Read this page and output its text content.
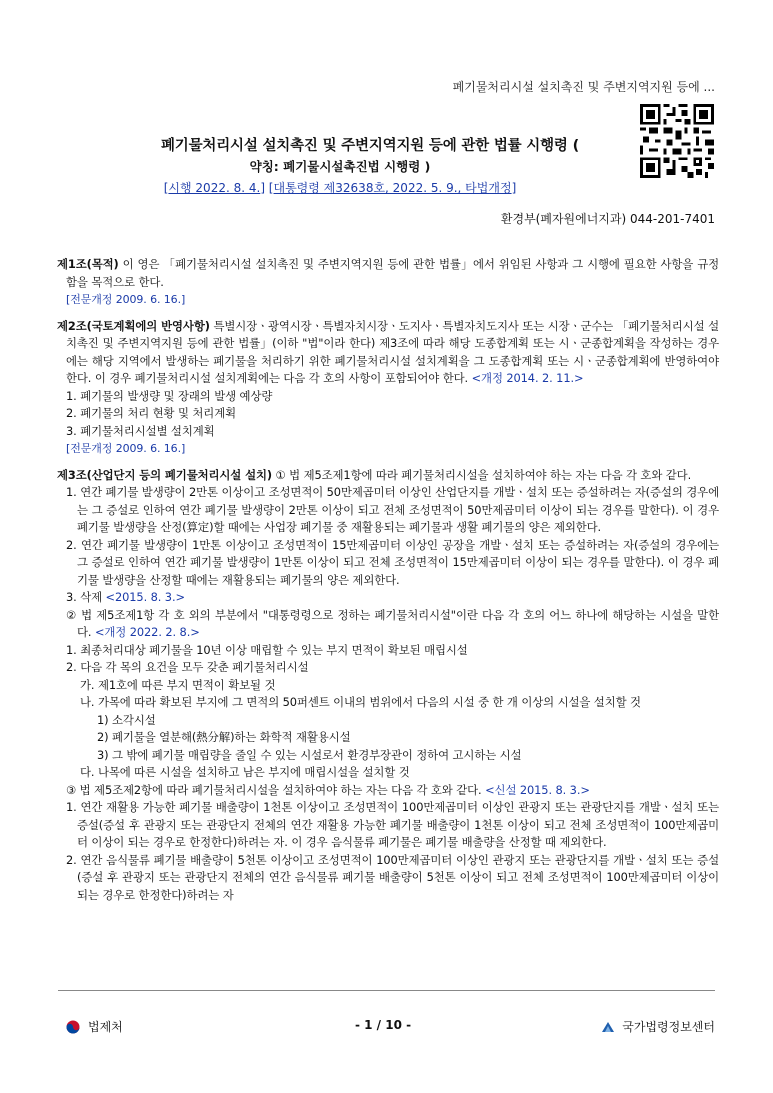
폐기물처리시설 설치촉진 및 주변지역지원 등에 ...
폐기물처리시설 설치촉진 및 주변지역지원 등에 관한 법률 시행령 (
약칭: 폐기물시설촉진법 시행령 )
[시행 2022. 8. 4.] [대통령령 제32638호, 2022. 5. 9., 타법개정]
환경부(폐자원에너지과) 044-201-7401

제1조(목적) 이 영은 「폐기물처리시설 설치촉진 및 주변지역지원 등에 관한 법률」에서 위임된 사항과 그 시행에 필요한 사항을 규정함을 목적으로 한다.

[전문개정 2009. 6. 16.]

제2조(국토계획에의 반영사항) 특별시장ㆍ광역시장ㆍ특별자치시장ㆍ도지사ㆍ특별자치도지사 또는 시장ㆍ군수는 「폐기물처리시설 설치촉진 및 주변지역지원 등에 관한 법률」(이하 "법"이라 한다) 제3조에 따라 해당 도종합계획 또는 시ㆍ군종합계획을 작성하는 경우에는 해당 지역에서 발생하는 폐기물을 처리하기 위한 폐기물처리시설 설치계획을 그 도종합계획 또는 시ㆍ군종합계획에 반영하여야 한다. 이 경우 폐기물처리시설 설치계획에는 다음 각 호의 사항이 포함되어야 한다. <개정 2014. 2. 11.>

1. 폐기물의 발생량 및 장래의 발생 예상량

2. 폐기물의 처리 현황 및 처리계획

3. 폐기물처리시설별 설치계획

[전문개정 2009. 6. 16.]

제3조(산업단지 등의 폐기물처리시설 설치) ① 법 제5조제1항에 따라 폐기물처리시설을 설치하여야 하는 자는 다음 각 호와 같다.

1. 연간 폐기물 발생량이 2만톤 이상이고 조성면적이 50만제곱미터 이상인 산업단지를 개발ㆍ설치 또는 증설하려는 자(증설의 경우에는 그 증설로 인하여 연간 폐기물 발생량이 2만톤 이상이 되고 전체 조성면적이 50만제곱미터 이상이 되는 경우를 말한다). 이 경우 폐기물 발생량을 산정(算定)할 때에는 사업장 폐기물 중 재활용되는 폐기물과 생활 폐기물의 양은 제외한다.

2. 연간 폐기물 발생량이 1만톤 이상이고 조성면적이 15만제곱미터 이상인 공장을 개발ㆍ설치 또는 증설하려는 자(증설의 경우에는 그 증설로 인하여 연간 폐기물 발생량이 1만톤 이상이 되고 전체 조성면적이 15만제곱미터 이상이 되는 경우를 말한다). 이 경우 폐기물 발생량을 산정할 때에는 재활용되는 폐기물의 양은 제외한다.

3. 삭제 <2015. 8. 3.>

② 법 제5조제1항 각 호 외의 부분에서 "대통령령으로 정하는 폐기물처리시설"이란 다음 각 호의 어느 하나에 해당하는 시설을 말한다. <개정 2022. 2. 8.>

1. 최종처리대상 폐기물을 10년 이상 매립할 수 있는 부지 면적이 확보된 매립시설

2. 다음 각 목의 요건을 모두 갖춘 폐기물처리시설

가. 제1호에 따른 부지 면적이 확보될 것

나. 가목에 따라 확보된 부지에 그 면적의 50퍼센트 이내의 범위에서 다음의 시설 중 한 개 이상의 시설을 설치할 것

1) 소각시설

2) 폐기물을 열분해(熱分解)하는 화학적 재활용시설

3) 그 밖에 폐기물 매립량을 줄일 수 있는 시설로서 환경부장관이 정하여 고시하는 시설

다. 나목에 따른 시설을 설치하고 남은 부지에 매립시설을 설치할 것

③ 법 제5조제2항에 따라 폐기물처리시설을 설치하여야 하는 자는 다음 각 호와 같다. <신설 2015. 8. 3.>

1. 연간 재활용 가능한 폐기물 배출량이 1천톤 이상이고 조성면적이 100만제곱미터 이상인 관광지 또는 관광단지를 개발ㆍ설치 또는 증설(증설 후 관광지 또는 관광단지 전체의 연간 재활용 가능한 폐기물 배출량이 1천톤 이상이 되고 전체 조성면적이 100만제곱미터 이상이 되는 경우로 한정한다)하려는 자. 이 경우 음식물류 폐기물은 폐기물 배출량을 산정할 때 제외한다.

2. 연간 음식물류 폐기물 배출량이 5천톤 이상이고 조성면적이 100만제곱미터 이상인 관광지 또는 관광단지를 개발ㆍ설치 또는 증설(증설 후 관광지 또는 관광단지 전체의 연간 음식물류 폐기물 배출량이 5천톤 이상이 되고 전체 조성면적이 100만제곱미터 이상이 되는 경우로 한정한다)하려는 자

법제처	- 1 / 10 -	국가법령정보센터
